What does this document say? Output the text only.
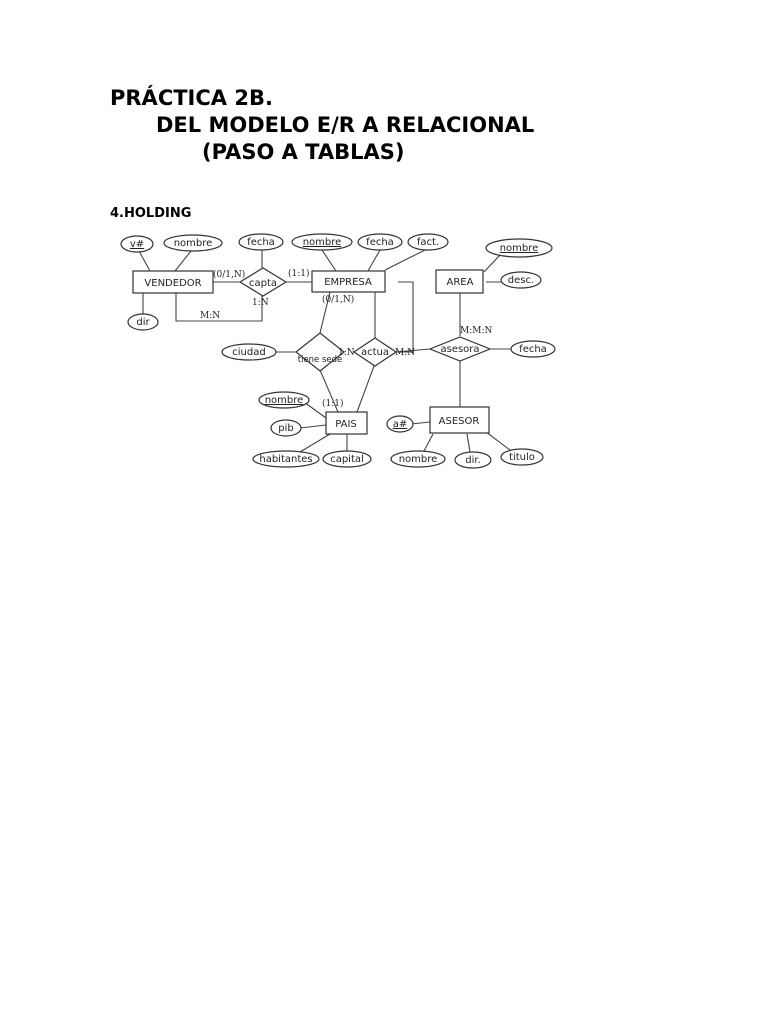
PRÁCTICA 2B.
DEL MODELO E/R A RELACIONAL
(PASO A TABLAS)
4.HOLDING
VENDEDOR	EMPRESA	AREA
PAIS	ASESOR
capta
tiene sede
actua	asesora
v#	nombre
dir
fecha	nombre fecha fact.
nombre
desc.
ciudad	fecha
nombre
pib
habitantes capital
a#
nombre	dir.	titulo
(0/1,N)	(1:1)
1:N
M:N
(0/1,N)
M:M:N
1:N	M:N
(1:1)
